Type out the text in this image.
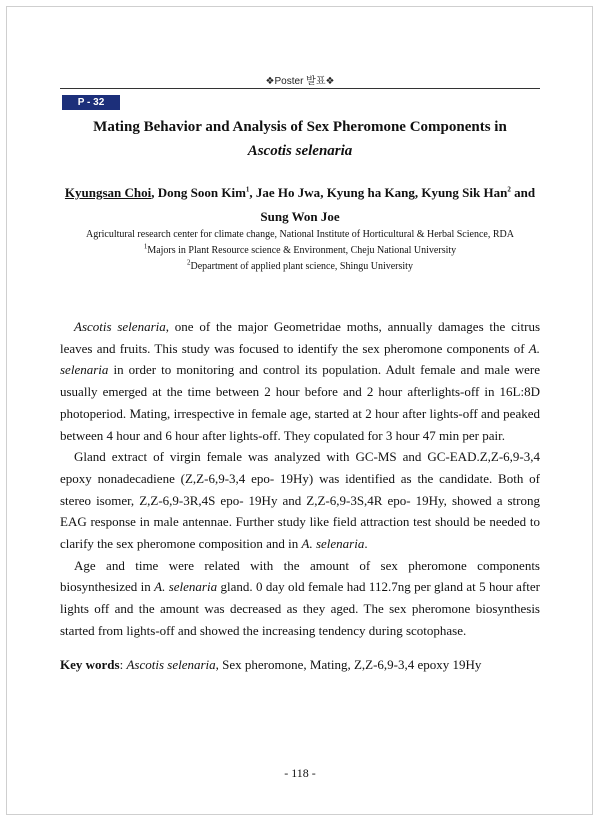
❖Poster 발표❖
P - 32
Mating Behavior and Analysis of Sex Pheromone Components in
Ascotis selenaria
Kyungsan Choi, Dong Soon Kim$^1$, Jae Ho Jwa, Kyung ha Kang, Kyung Sik Han$^2$ and
Sung Won Joe
Agricultural research center for climate change, National Institute of Horticultural & Herbal Science, RDA
$^1$Majors in Plant Resource science & Environment, Cheju National University
$^2$Department of applied plant science, Shingu University

Ascotis selenaria, one of the major Geometridae moths, annually damages the citrus leaves and fruits. This study was focused to identify the sex pheromone components of A. selenaria in order to monitoring and control its population. Adult female and male were usually emerged at the time between 2 hour before and 2 hour afterlights-off in 16L:8D photoperiod. Mating, irrespective in female age, started at 2 hour after lights-off and peaked between 4 hour and 6 hour after lights-off. They copulated for 3 hour 47 min per pair.

Gland extract of virgin female was analyzed with GC-MS and GC-EAD.Z,Z-6,9-3,4 epoxy nonadecadiene (Z,Z-6,9-3,4 epo- 19Hy) was identified as the candidate. Both of stereo isomer, Z,Z-6,9-3R,4S epo- 19Hy and Z,Z-6,9-3S,4R epo- 19Hy, showed a strong EAG response in male antennae. Further study like field attraction test should be needed to clarify the sex pheromone composition and in A. selenaria.

Age and time were related with the amount of sex pheromone components biosynthesized in A. selenaria gland. 0 day old female had 112.7ng per gland at 5 hour after lights off and the amount was decreased as they aged. The sex pheromone biosynthesis started from lights-off and showed the increasing tendency during scotophase.

Key words: Ascotis selenaria, Sex pheromone, Mating, Z,Z-6,9-3,4 epoxy 19Hy

- 118 -
